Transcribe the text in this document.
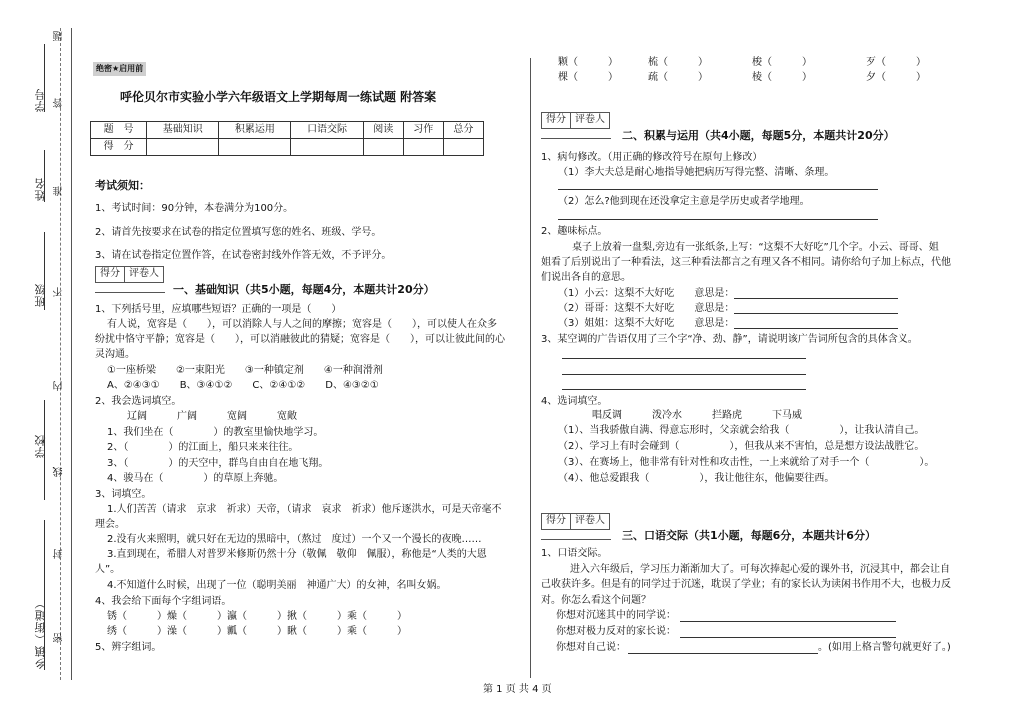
题
学号 答
姓名 准
班级 不
内
学校
线
封
乡镇（街道） 密
绝密★启用前
呼伦贝尔市实验小学六年级语文上学期每周一练试题 附答案
题　号	基础知识	积累运用	口语交际	阅读	习作	总分
得　分						
考试须知：
1、考试时间：90分钟，本卷满分为100分。
2、请首先按要求在试卷的指定位置填写您的姓名、班级、学号。
3、请在试卷指定位置作答，在试卷密封线外作答无效，不予评分。
得分 评卷人
一、基础知识（共5小题，每题4分，本题共计20分）
1、下列括号里，应填哪些短语？正确的一项是（　　）
有人说，宽容是（　　），可以消除人与人之间的摩擦；宽容是（　　），可以使人在众多
纷扰中恪守平静；宽容是（　　），可以消融彼此的猜疑；宽容是（　　），可以让彼此间的心
灵沟通。
①一座桥梁　　②一束阳光　　③一种镇定剂　　④一种润滑剂
A、②④③①　　B、③④①②　　C、②④①②　　D、④③②①
2、我会选词填空。
辽阔　　　广阔　　　宽阔　　　宽敞
1、我们坐在（　　　　）的教室里愉快地学习。
2、（　　　　）的江面上，船只来来往往。
3、（　　　　）的天空中，群鸟自由自在地飞翔。
4、骏马在（　　　　）的草原上奔驰。
3、词填空。
1.人们苦苦（请求　京求　祈求）天帝，（请求　哀求　祈求）他斥逐洪水，可是天帝毫不
理会。
2.没有火来照明，就只好在无边的黑暗中，（熬过　度过）一个又一个漫长的夜晚……
3.直到现在，希腊人对普罗米修斯仍然十分（敬佩　敬仰　佩服），称他是“人类的大恩
人”。
4.不知道什么时候，出现了一位（聪明美丽　神通广大）的女神，名叫女娲。
4、我会给下面每个字组词语。
锈（　　　）燥（　　　）瀛（　　　）揪（　　　）乘（　　　）
绣（　　　）澡（　　　）瓤（　　　）瞅（　　　）乘（　　　）
5、辨字组词。
颗（　　　）	梳（　　　）	梭（　　　）	歹（　　　）
棵（　　　）	疏（　　　）	棱（　　　）	夕（　　　）
得分 评卷人
二、积累与运用（共4小题，每题5分，本题共计20分）
1、病句修改。（用正确的修改符号在原句上修改）
（1）李大夫总是耐心地指导她把病历写得完整、清晰、条理。
（2）怎么?他到现在还没拿定主意是学历史或者学地理。
2、趣味标点。
桌子上放着一盘梨,旁边有一张纸条,上写：“这梨不大好吃”几个字。小云、哥哥、姐
姐看了后别说出了一种看法，这三种看法都言之有理又各不相同。请你给句子加上标点，代他
们说出各自的意思。
（1）小云：这梨不大好吃　　意思是：
（2）哥哥：这梨不大好吃　　意思是：
（3）姐姐：这梨不大好吃　　意思是：
3、某空调的广告语仅用了三个字“净、劲、静”，请说明该广告词所包含的具体含义。
4、选词填空。
唱反调　　　泼冷水　　　拦路虎　　　下马威
（1）、当我骄傲自满、得意忘形时，父亲就会给我（　　　　　），让我认清自己。
（2）、学习上有时会碰到（　　　　　），但我从来不害怕，总是想方设法战胜它。
（3）、在赛场上，他非常有针对性和攻击性，一上来就给了对手一个（　　　　　）。
（4）、他总爱跟我（　　　　　），我让他往东，他偏要往西。
得分 评卷人
三、口语交际（共1小题，每题6分，本题共计6分）
1、口语交际。
进入六年级后，学习压力渐渐加大了。可每次捧起心爱的课外书，沉浸其中，都会让自
己收获许多。但是有的同学过于沉迷，耽误了学业；有的家长认为读闲书作用不大，也极力反
对。你怎么看这个问题？
你想对沉迷其中的同学说：
你想对极力反对的家长说：
你想对自己说：	。(如用上格言警句就更好了。)
第 1 页 共 4 页
